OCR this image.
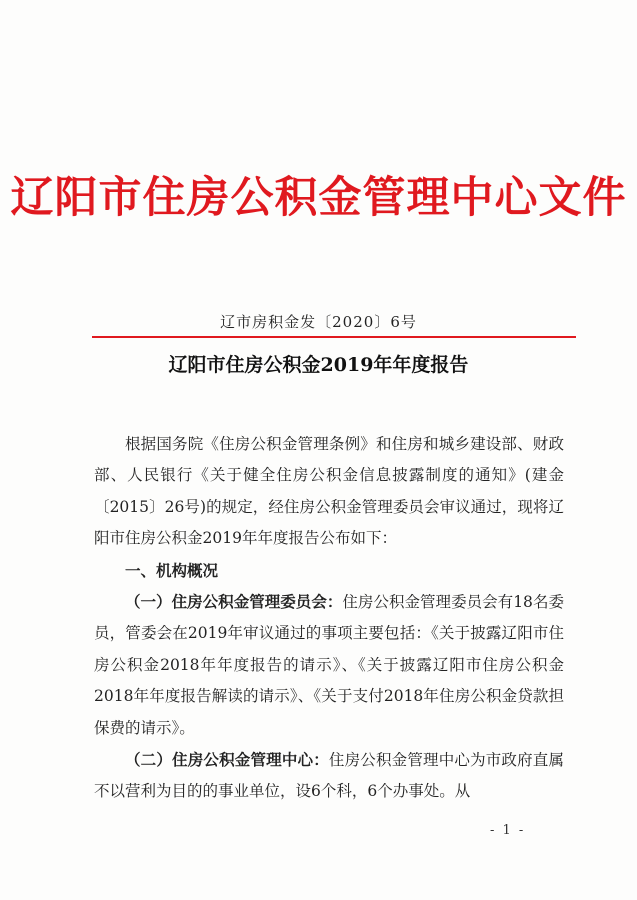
辽阳市住房公积金管理中心文件
辽市房积金发〔2020〕6号
辽阳市住房公积金2019年年度报告

根据国务院《住房公积金管理条例》和住房和城乡建设部、财政部、人民银行《关于健全住房公积金信息披露制度的通知》(建金〔2015〕26号)的规定，经住房公积金管理委员会审议通过，现将辽阳市住房公积金2019年年度报告公布如下：

一、机构概况

（一）住房公积金管理委员会：住房公积金管理委员会有18名委员，管委会在2019年审议通过的事项主要包括：《关于披露辽阳市住房公积金2018年年度报告的请示》、《关于披露辽阳市住房公积金2018年年度报告解读的请示》、《关于支付2018年住房公积金贷款担保费的请示》。

（二）住房公积金管理中心：住房公积金管理中心为市政府直属不以营利为目的的事业单位，设6个科，6个办事处。从

- 1 -
